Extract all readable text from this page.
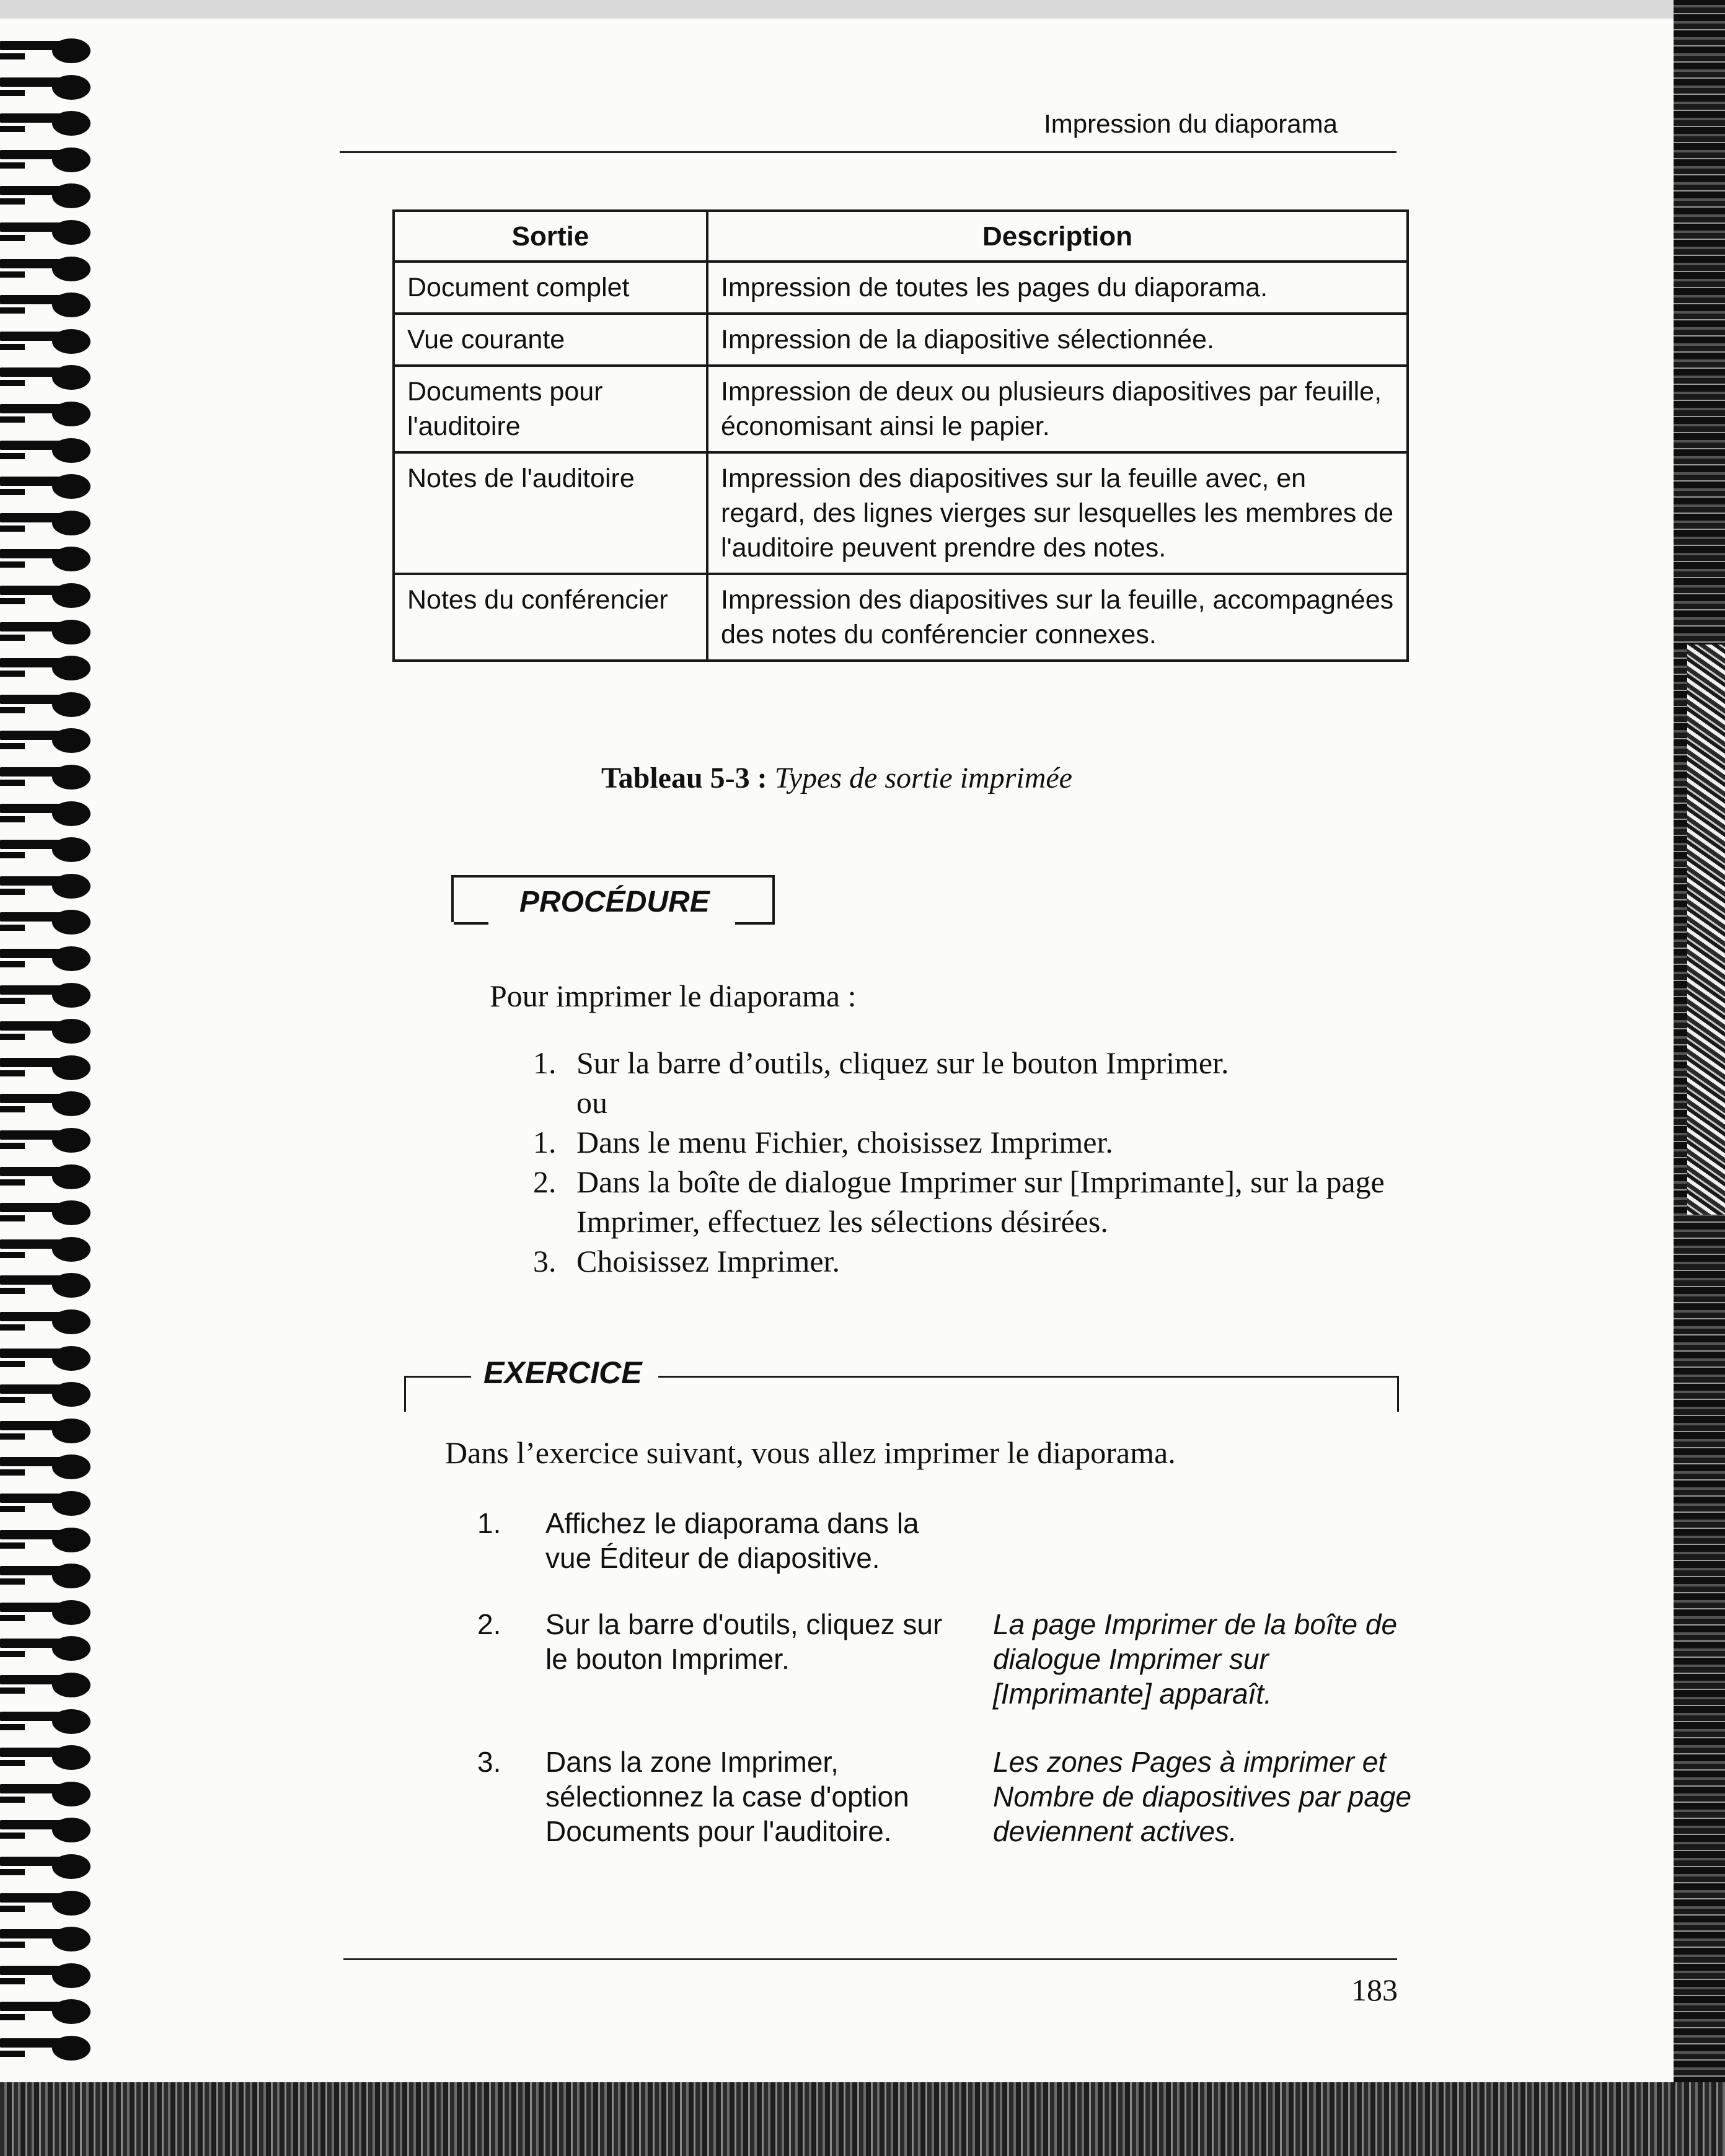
Impression du diaporama
Sortie	Description
Document complet	Impression de toutes les pages du diaporama.
Vue courante	Impression de la diapositive sélectionnée.
Documents pour l'auditoire	Impression de deux ou plusieurs diapositives par feuille, économisant ainsi le papier.
Notes de l'auditoire	Impression des diapositives sur la feuille avec, en regard, des lignes vierges sur lesquelles les membres de l'auditoire peuvent prendre des notes.
Notes du conférencier	Impression des diapositives sur la feuille, accompagnées des notes du conférencier connexes.
Tableau 5-3 : Types de sortie imprimée
PROCÉDURE
Pour imprimer le diaporama :
1. Sur la barre d’outils, cliquez sur le bouton Imprimer.
ou
1. Dans le menu Fichier, choisissez Imprimer.
2. Dans la boîte de dialogue Imprimer sur [Imprimante], sur la page Imprimer, effectuez les sélections désirées.
3. Choisissez Imprimer.
EXERCICE
Dans l’exercice suivant, vous allez imprimer le diaporama.
1. Affichez le diaporama dans la vue Éditeur de diapositive.
2. Sur la barre d'outils, cliquez sur le bouton Imprimer.
La page Imprimer de la boîte de dialogue Imprimer sur [Imprimante] apparaît.
3. Dans la zone Imprimer, sélectionnez la case d'option Documents pour l'auditoire.
Les zones Pages à imprimer et Nombre de diapositives par page deviennent actives.
183
